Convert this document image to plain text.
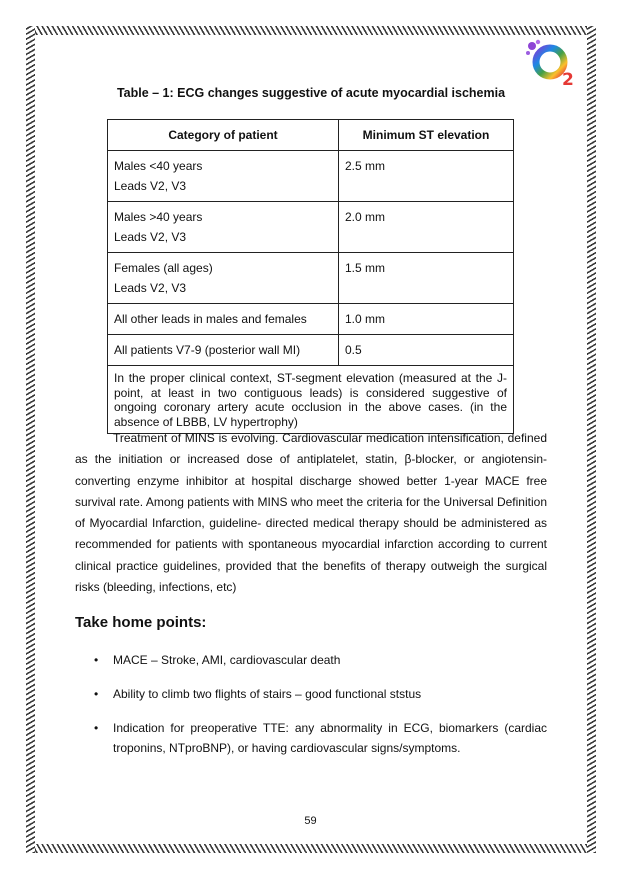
2
Table – 1: ECG changes suggestive of acute myocardial ischemia
Category of patient	Minimum ST elevation

Males <40 years
Leads V2, V3	2.5 mm

Males >40 years
Leads V2, V3	2.0 mm

Females (all ages)
Leads V2, V3	1.5 mm

All other leads in males and females	1.0 mm

All patients V7-9 (posterior wall MI)	0.5
In the proper clinical context, ST-segment elevation (measured at the J-point, at least in two contiguous leads) is considered suggestive of ongoing coronary artery acute occlusion in the above cases. (in the absence of LBBB, LV hypertrophy)	

Treatment of MINS is evolving. Cardiovascular medication intensification, defined as the initiation or increased dose of antiplatelet, statin, β-blocker, or angiotensin-converting enzyme inhibitor at hospital discharge showed better 1-year MACE free survival rate. Among patients with MINS who meet the criteria for the Universal Definition of Myocardial Infarction, guideline- directed medical therapy should be administered as recommended for patients with spontaneous myocardial infarction according to current clinical practice guidelines, provided that the benefits of therapy outweigh the surgical risks (bleeding, infections, etc)

Take home points:
• MACE – Stroke, AMI, cardiovascular death
• Ability to climb two flights of stairs – good functional ststus
• Indication for preoperative TTE: any abnormality in ECG, biomarkers (cardiac troponins, NTproBNP), or having cardiovascular signs/symptoms.
59
